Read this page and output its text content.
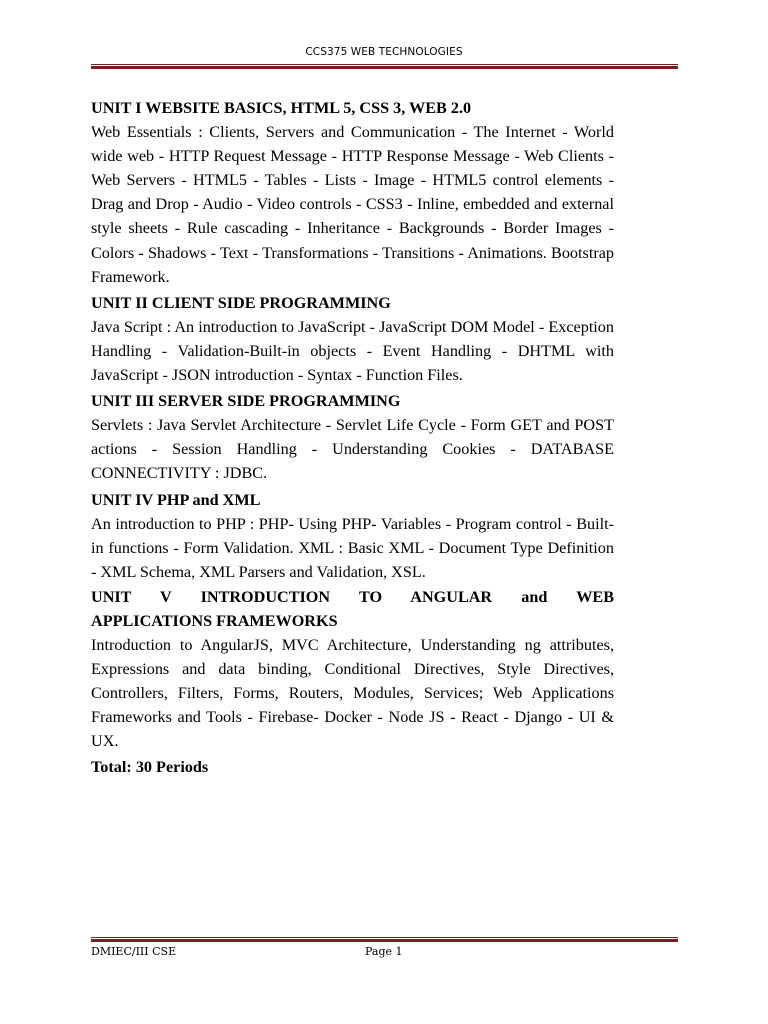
CCS375 WEB TECHNOLOGIES

UNIT I WEBSITE BASICS, HTML 5, CSS 3, WEB 2.0

Web Essentials : Clients, Servers and Communication - The Internet - World wide web - HTTP Request Message - HTTP Response Message - Web Clients - Web Servers - HTML5 - Tables - Lists - Image - HTML5 control elements - Drag and Drop - Audio - Video controls - CSS3 - Inline, embedded and external style sheets - Rule cascading - Inheritance - Backgrounds - Border Images - Colors - Shadows - Text - Transformations - Transitions - Animations. Bootstrap Framework.

UNIT II CLIENT SIDE PROGRAMMING

Java Script : An introduction to JavaScript - JavaScript DOM Model - Exception Handling - Validation-Built-in objects - Event Handling - DHTML with JavaScript - JSON introduction - Syntax - Function Files.

UNIT III SERVER SIDE PROGRAMMING

Servlets : Java Servlet Architecture - Servlet Life Cycle - Form GET and POST actions - Session Handling - Understanding Cookies - DATABASE CONNECTIVITY : JDBC.

UNIT IV PHP and XML

An introduction to PHP : PHP- Using PHP- Variables - Program control - Built-in functions - Form Validation. XML : Basic XML - Document Type Definition - XML Schema, XML Parsers and Validation, XSL.

UNIT V INTRODUCTION TO ANGULAR and WEB

APPLICATIONS FRAMEWORKS

Introduction to AngularJS, MVC Architecture, Understanding ng attributes, Expressions and data binding, Conditional Directives, Style Directives, Controllers, Filters, Forms, Routers, Modules, Services; Web Applications Frameworks and Tools - Firebase- Docker - Node JS - React - Django - UI & UX.

Total: 30 Periods

DMIEC/III CSE	Page 1
